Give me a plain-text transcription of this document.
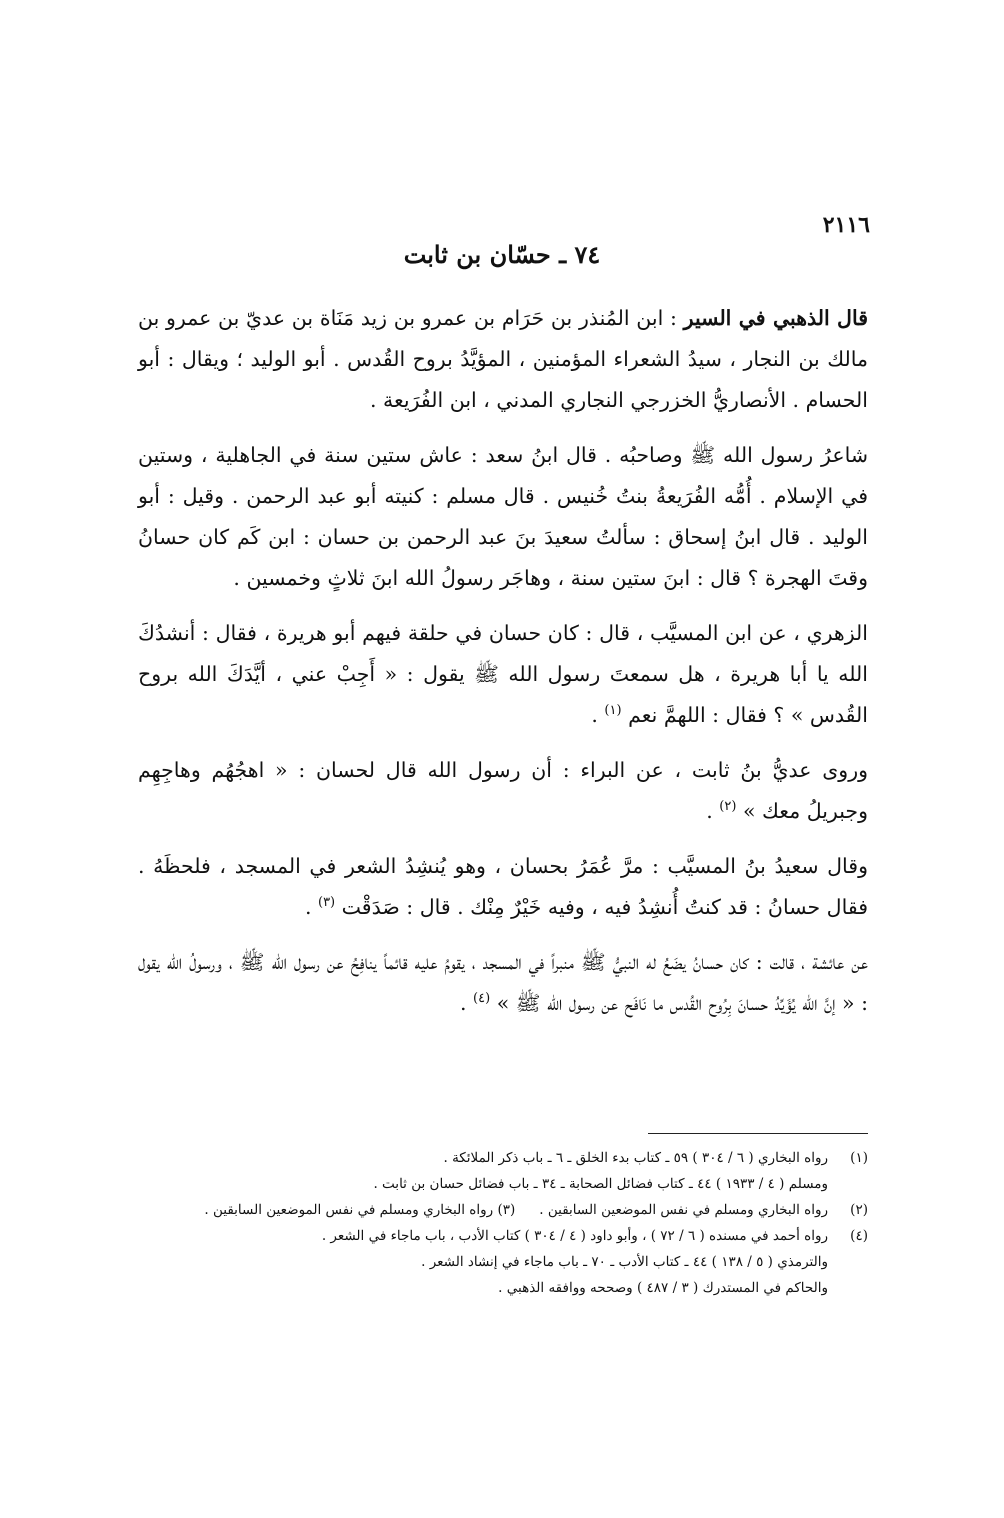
٢١١٦
٧٤ ـ حسّان بن ثابت

قال الذهبي في السير : ابن المُنذر بن حَرَام بن عمرو بن زيد مَنَاة بن عديّ بن عمرو بن مالك بن النجار ، سيدُ الشعراء المؤمنين ، المؤيَّدُ بروح القُدس . أبو الوليد ؛ ويقال : أبو الحسام . الأنصاريُّ الخزرجي النجاري المدني ، ابن الفُرَيعة .

شاعرُ رسول الله ﷺ وصاحبُه . قال ابنُ سعد : عاش ستين سنة في الجاهلية ، وستين في الإسلام . أُمُّه الفُرَيعةُ بنتُ خُنيس . قال مسلم : كنيته أبو عبد الرحمن . وقيل : أبو الوليد . قال ابنُ إسحاق : سألتُ سعيدَ بنَ عبد الرحمن بن حسان : ابن كَم كان حسانُ وقتَ الهجرة ؟ قال : ابنَ ستين سنة ، وهاجَر رسولُ الله ابنَ ثلاثٍ وخمسين .

الزهري ، عن ابن المسيَّب ، قال : كان حسان في حلقة فيهم أبو هريرة ، فقال : أنشدُكَ الله يا أبا هريرة ، هل سمعتَ رسول الله ﷺ يقول : « أَجِبْ عني ، أيَّدَكَ الله بروح القُدس » ؟ فقال : اللهمَّ نعم $^{(١)}$ .

وروى عديُّ بنُ ثابت ، عن البراء : أن رسول الله قال لحسان : « اهجُهُم وهاجِهِم وجبريلُ معك » $^{(٢)}$ .

وقال سعيدُ بنُ المسيَّب : مرَّ عُمَرُ بحسان ، وهو يُنشِدُ الشعر في المسجد ، فلحظَهُ . فقال حسانُ : قد كنتُ أُنشِدُ فيه ، وفيه خَيْرٌ مِنْك . قال : صَدَقْت $^{(٣)}$ .

عن عائشة ، قالت : كان حسانُ يضَعُ له النبيُّ ﷺ منبراً في المسجد ، يقومُ عليه قائماً ينافِحُ عن رسول الله ﷺ ، ورسولُ الله يقول : « إنَّ الله يُؤَيِّدُ حسانَ بِرُوح القُدس ما نَافَح عن رسول الله ﷺ » $^{(٤)}$ .

(١)رواه البخاري ( ٦ / ٣٠٤ ) ٥٩ ـ كتاب بدء الخلق ـ ٦ ـ باب ذكر الملائكة .
ومسلم ( ٤ / ١٩٣٣ ) ٤٤ ـ كتاب فضائل الصحابة ـ ٣٤ ـ باب فضائل حسان بن ثابت .
(٢)رواه البخاري ومسلم في نفس الموضعين السابقين .(٣) رواه البخاري ومسلم في نفس الموضعين السابقين .
(٤)رواه أحمد في مسنده ( ٦ / ٧٢ ) ، وأبو داود ( ٤ / ٣٠٤ ) كتاب الأدب ، باب ماجاء في الشعر .
والترمذي ( ٥ / ١٣٨ ) ٤٤ ـ كتاب الأدب ـ ٧٠ ـ باب ماجاء في إنشاد الشعر .
والحاكم في المستدرك ( ٣ / ٤٨٧ ) وصححه ووافقه الذهبي .
